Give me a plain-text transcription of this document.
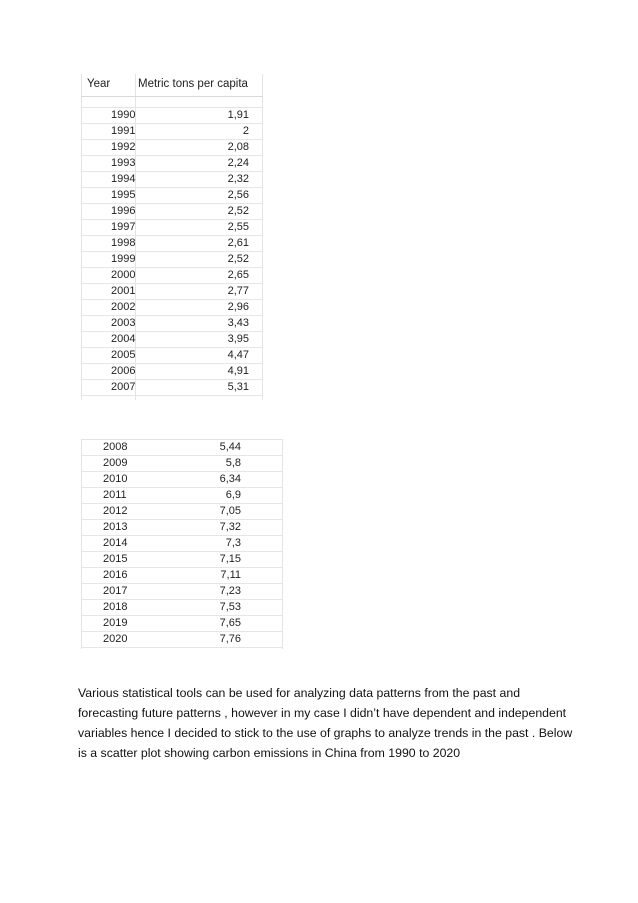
Year Metric tons per capita
1990	1,91
1991	2
1992	2,08
1993	2,24
1994	2,32
1995	2,56
1996	2,52
1997	2,55
1998	2,61
1999	2,52
2000	2,65
2001	2,77
2002	2,96
2003	3,43
2004	3,95
2005	4,47
2006	4,91
2007	5,31
2008	5,44
2009	5,8
2010	6,34
2011	6,9
2012	7,05
2013	7,32
2014	7,3
2015	7,15
2016	7,11
2017	7,23
2018	7,53
2019	7,65
2020	7,76

Various statistical tools can be used for analyzing data patterns from the past and forecasting future patterns , however in my case I didn’t have dependent and independent variables hence I decided to stick to the use of graphs to analyze trends in the past . Below is a scatter plot showing carbon emissions in China from 1990 to 2020
